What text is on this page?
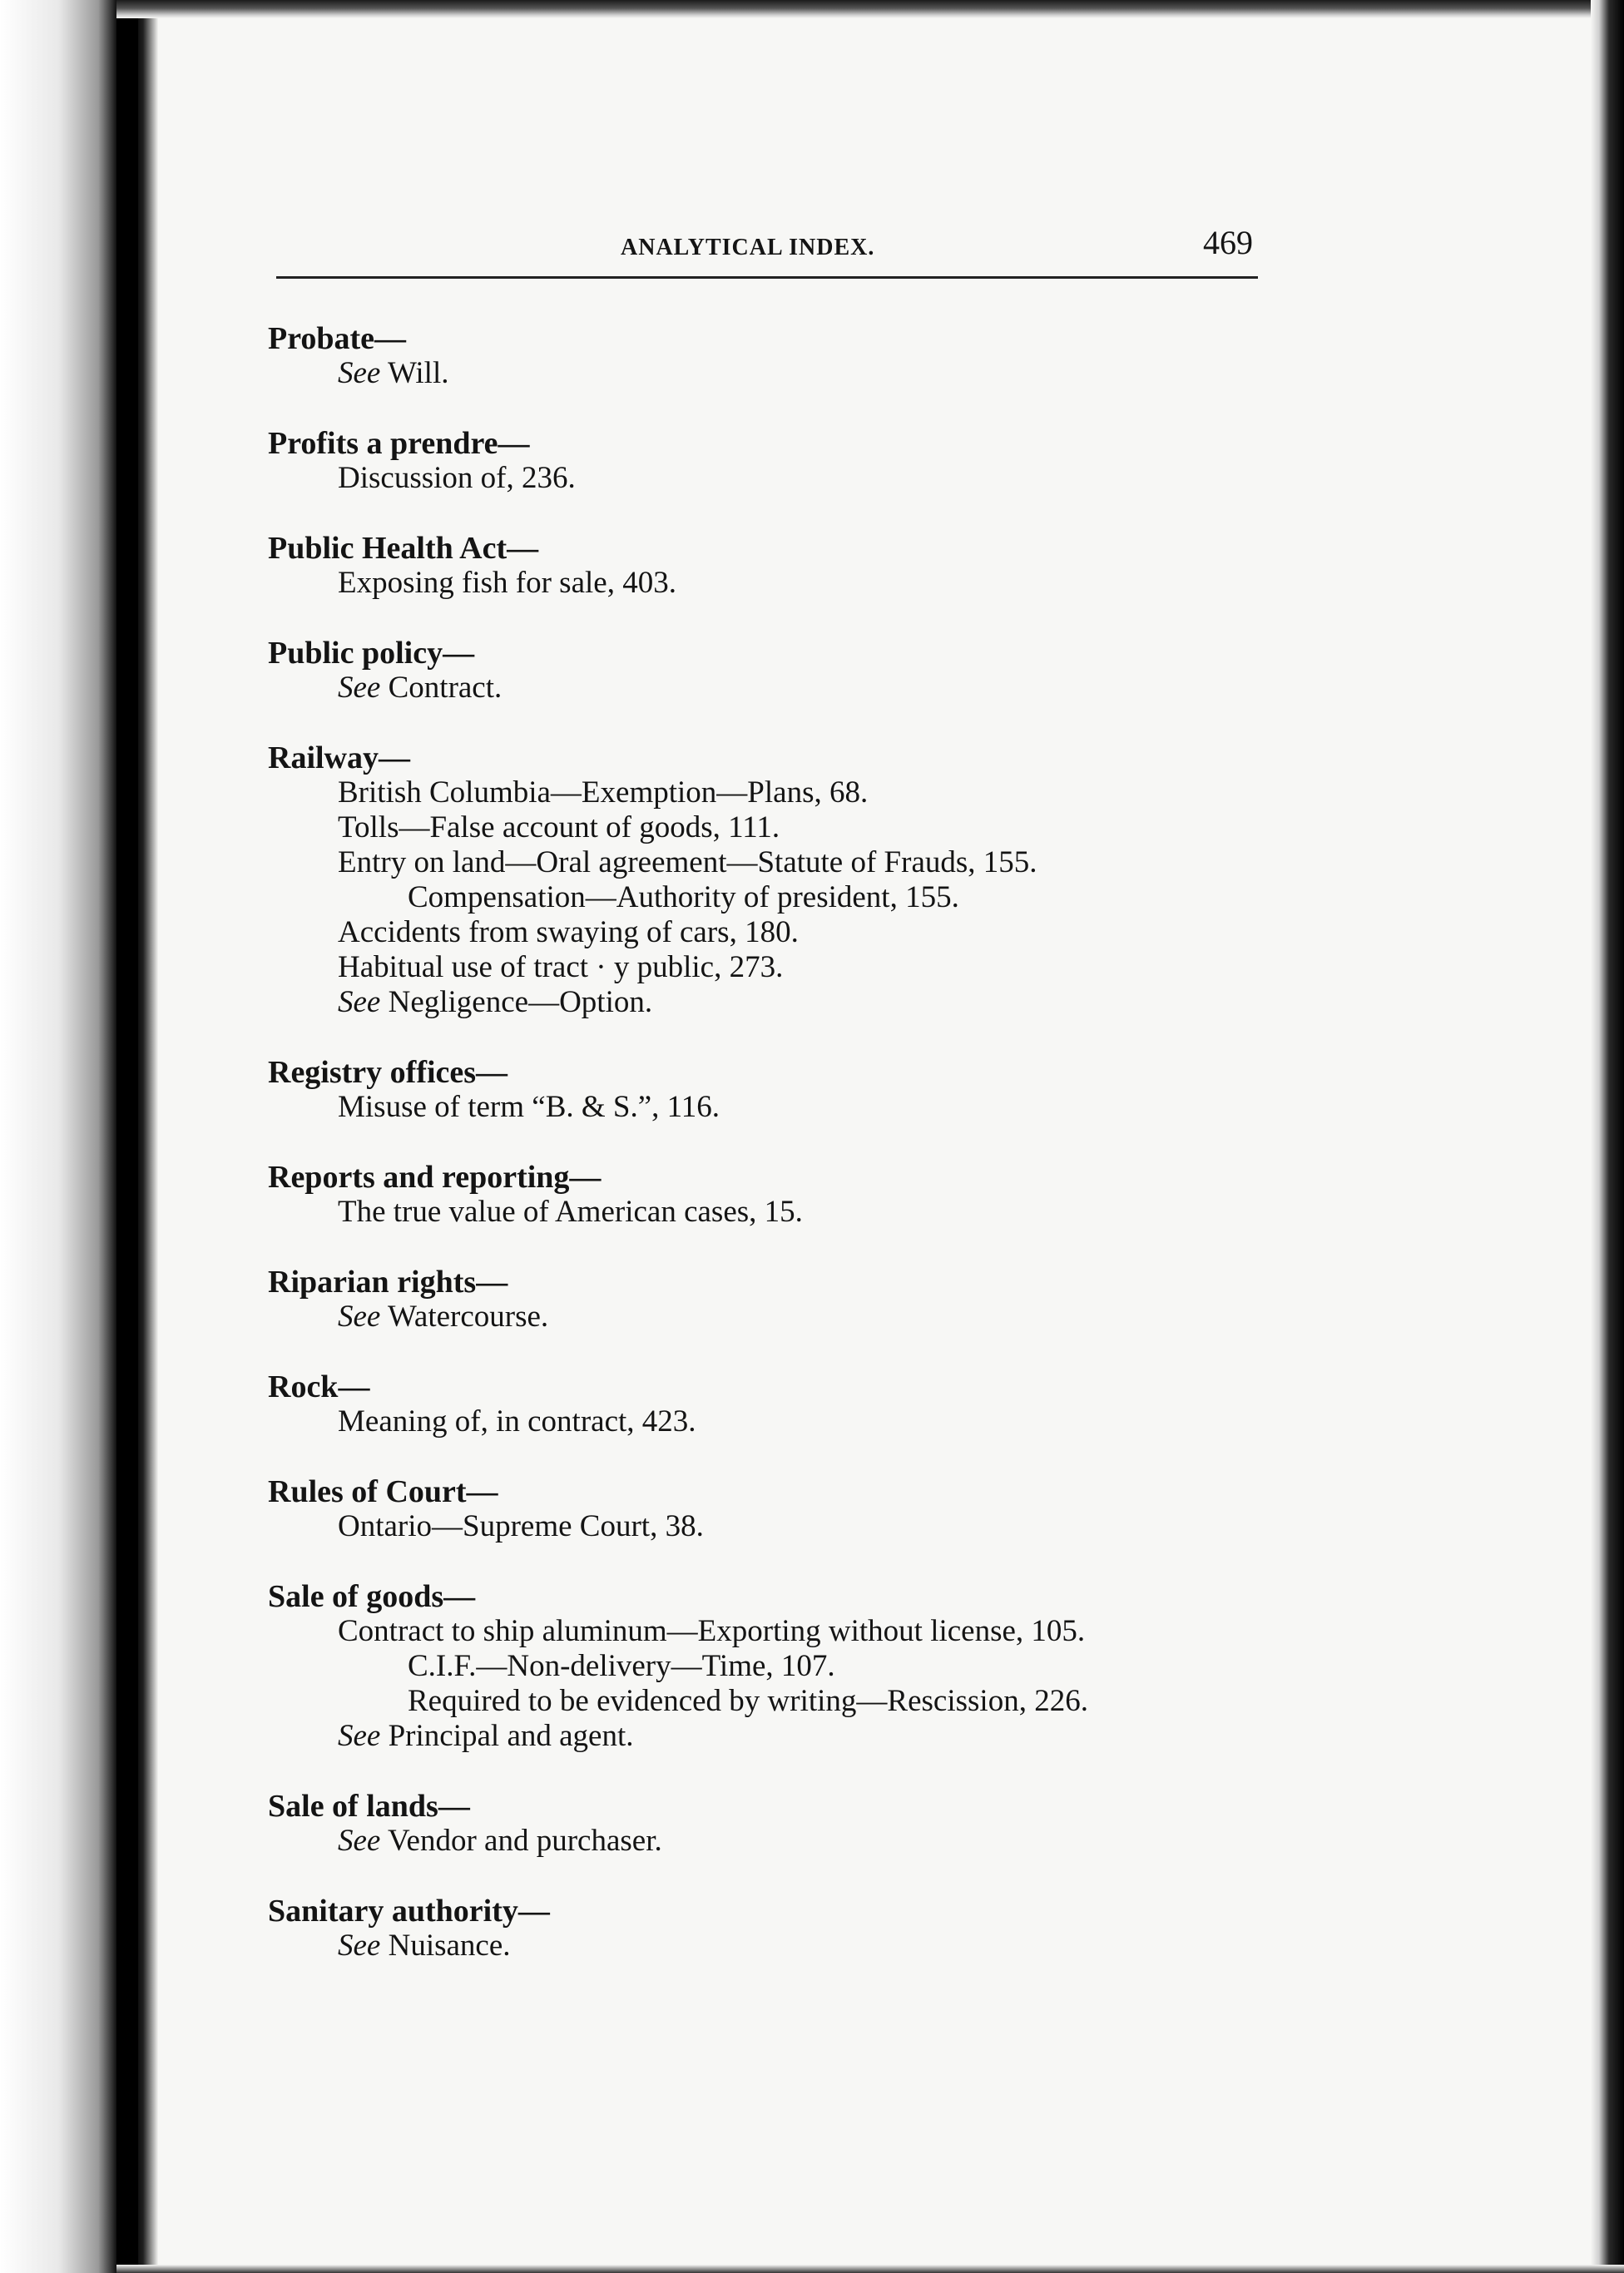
ANALYTICAL INDEX.	469
Probate—
See Will.
Profits a prendre—
Discussion of, 236.
Public Health Act—
Exposing fish for sale, 403.
Public policy—
See Contract.
Railway—
British Columbia—Exemption—Plans, 68.
Tolls—False account of goods, 111.
Entry on land—Oral agreement—Statute of Frauds, 155.
Compensation—Authority of president, 155.
Accidents from swaying of cars, 180.
Habitual use of tract · y public, 273.
See Negligence—Option.
Registry offices—
Misuse of term “B. & S.”, 116.
Reports and reporting—
The true value of American cases, 15.
Riparian rights—
See Watercourse.
Rock—
Meaning of, in contract, 423.
Rules of Court—
Ontario—Supreme Court, 38.
Sale of goods—
Contract to ship aluminum—Exporting without license, 105.
C.I.F.—Non-delivery—Time, 107.
Required to be evidenced by writing—Rescission, 226.
See Principal and agent.
Sale of lands—
See Vendor and purchaser.
Sanitary authority—
See Nuisance.
